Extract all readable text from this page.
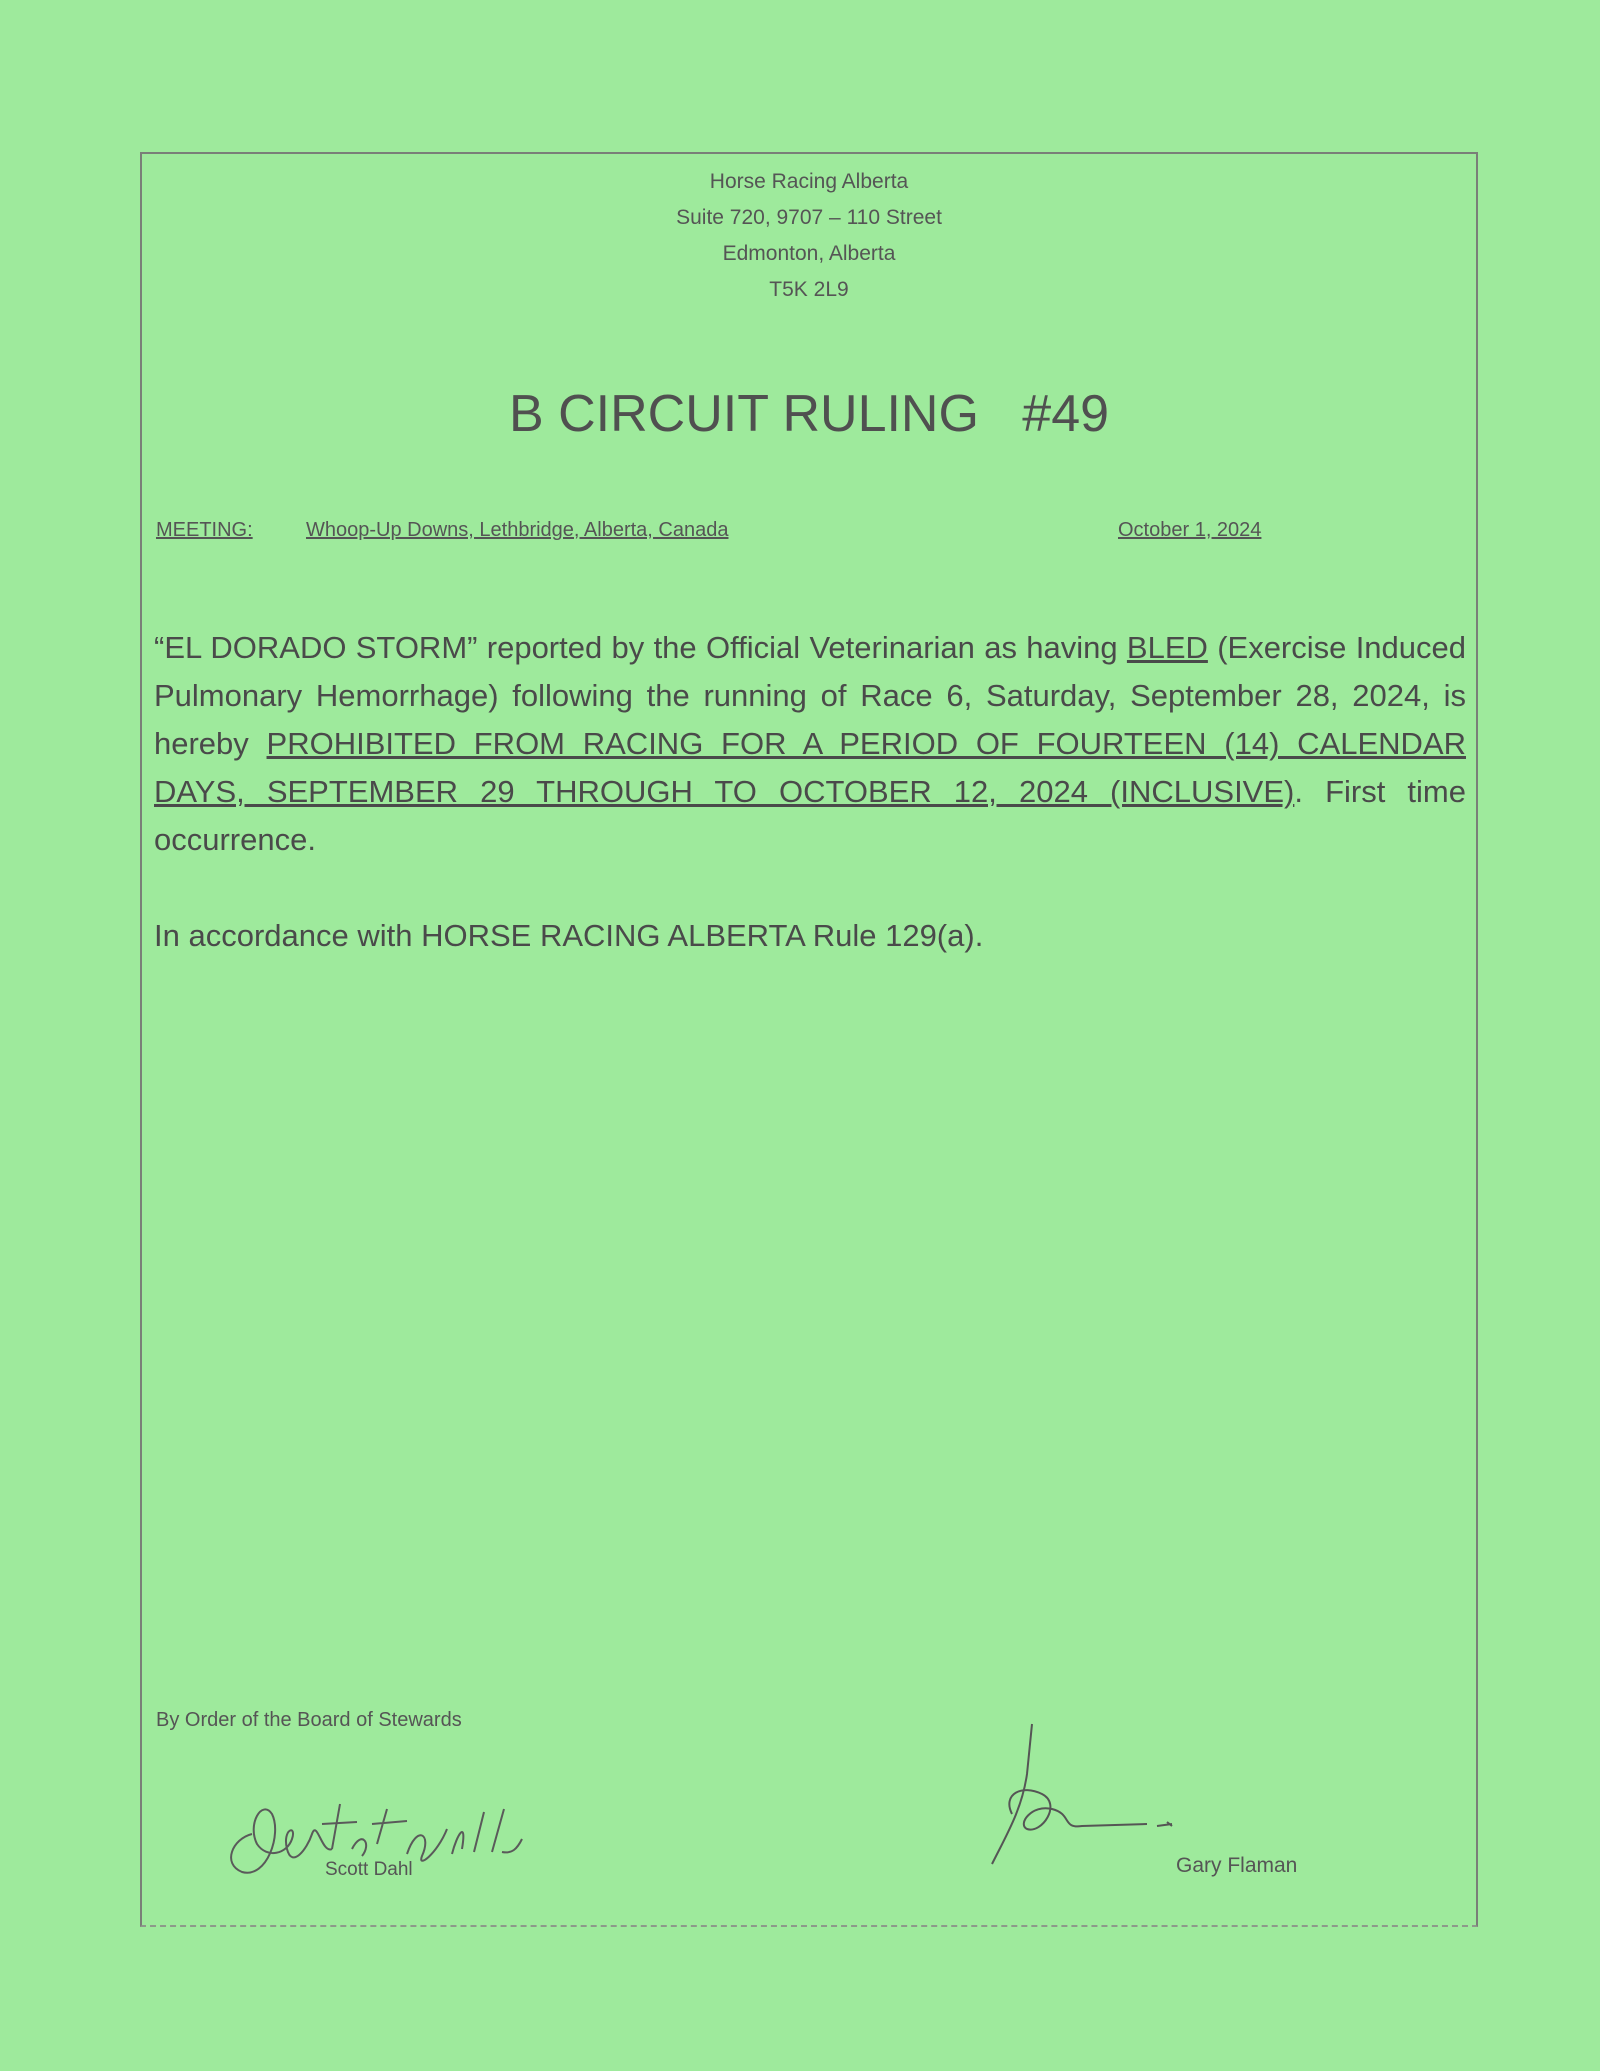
Horse Racing Alberta
Suite 720, 9707 – 110 Street
Edmonton, Alberta
T5K 2L9
B CIRCUIT RULING   #49
MEETING:	Whoop-Up Downs, Lethbridge, Alberta, Canada	October 1, 2024

“EL DORADO STORM” reported by the Official Veterinarian as having BLED (Exercise Induced Pulmonary Hemorrhage) following the running of Race 6, Saturday, September 28, 2024, is hereby PROHIBITED FROM RACING FOR A PERIOD OF FOURTEEN (14) CALENDAR DAYS, SEPTEMBER 29 THROUGH TO OCTOBER 12, 2024 (INCLUSIVE). First time occurrence.

In accordance with HORSE RACING ALBERTA Rule 129(a).

By Order of the Board of Stewards
Scott Dahl	Gary Flaman
